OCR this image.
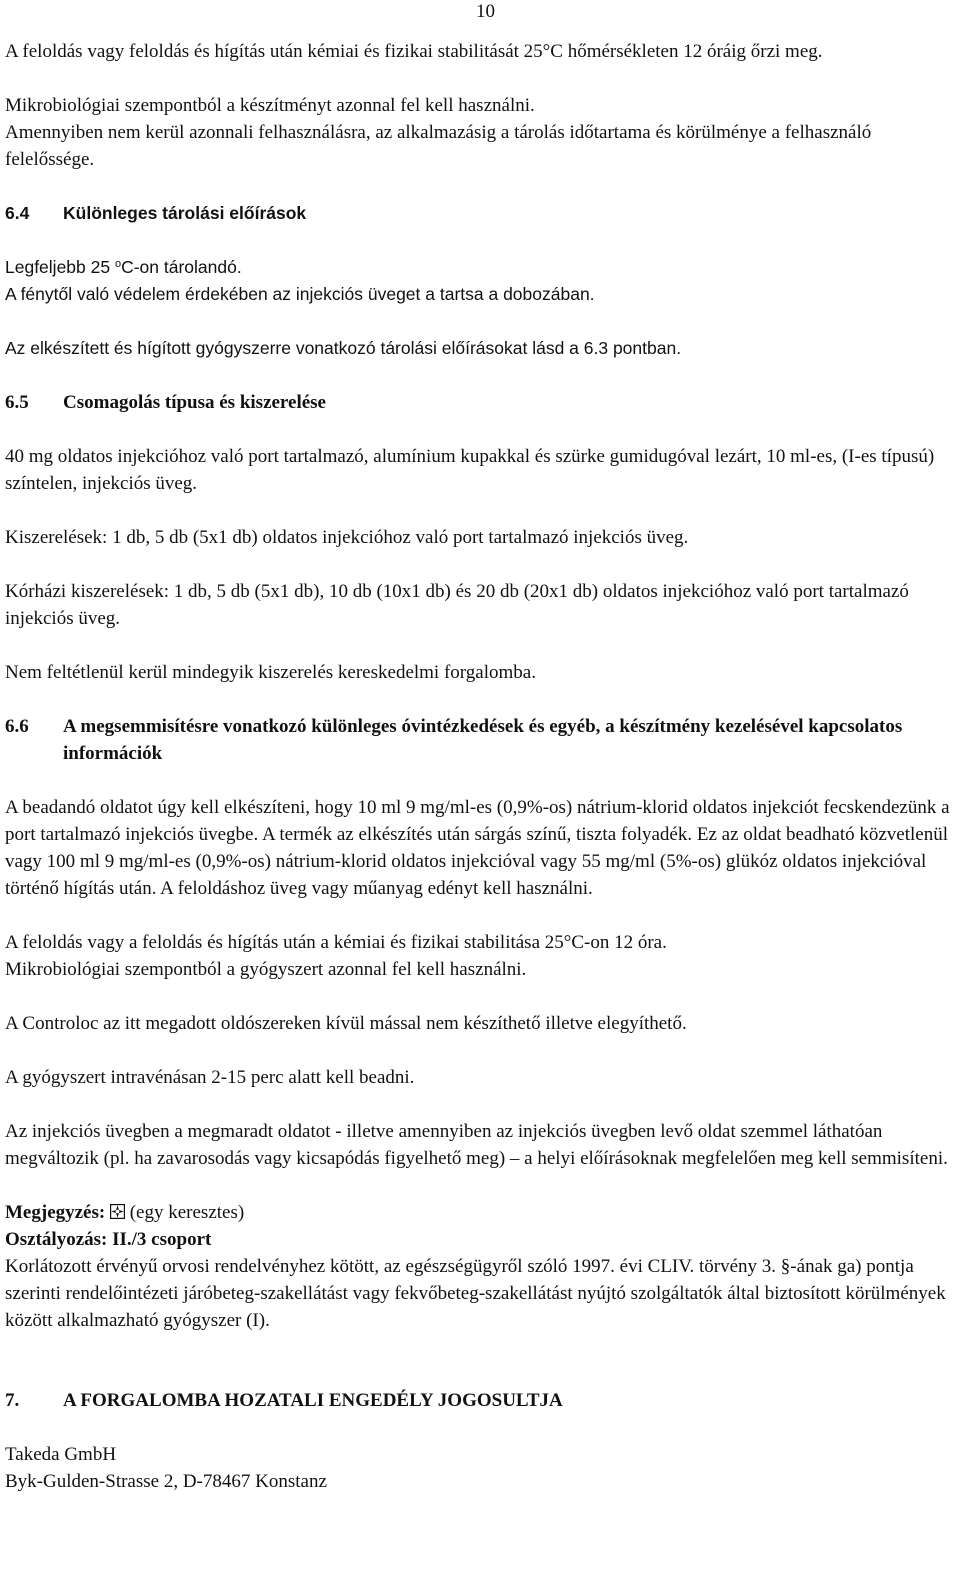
10

A feloldás vagy feloldás és hígítás után kémiai és fizikai stabilitását 25°C hőmérsékleten 12 óráig őrzi meg.

Mikrobiológiai szempontból a készítményt azonnal fel kell használni.

Amennyiben nem kerül azonnali felhasználásra, az alkalmazásig a tárolás időtartama és körülménye a felhasználó felelőssége.

6.4	Különleges tárolási előírások

Legfeljebb 25 $^o$C-on tárolandó.

A fénytől való védelem érdekében az injekciós üveget a tartsa a dobozában.

Az elkészített és hígított gyógyszerre vonatkozó tárolási előírásokat lásd a 6.3 pontban.

6.5	Csomagolás típusa és kiszerelése

40 mg oldatos injekcióhoz való port tartalmazó, alumínium kupakkal és szürke gumidugóval lezárt, 10 ml-es, (I-es típusú) színtelen, injekciós üveg.

Kiszerelések: 1 db, 5 db (5x1 db) oldatos injekcióhoz való port tartalmazó injekciós üveg.

Kórházi kiszerelések: 1 db, 5 db (5x1 db), 10 db (10x1 db) és 20 db (20x1 db) oldatos injekcióhoz való port tartalmazó injekciós üveg.

Nem feltétlenül kerül mindegyik kiszerelés kereskedelmi forgalomba.

6.6	A megsemmisítésre vonatkozó különleges óvintézkedések és egyéb, a készítmény kezelésével kapcsolatos információk

A beadandó oldatot úgy kell elkészíteni, hogy 10 ml 9 mg/ml-es (0,9%-os) nátrium-klorid oldatos injekciót fecskendezünk a port tartalmazó injekciós üvegbe. A termék az elkészítés után sárgás színű, tiszta folyadék. Ez az oldat beadható közvetlenül vagy 100 ml 9 mg/ml-es (0,9%-os) nátrium-klorid oldatos injekcióval vagy 55 mg/ml (5%-os) glükóz oldatos injekcióval történő hígítás után. A feloldáshoz üveg vagy műanyag edényt kell használni.

A feloldás vagy a feloldás és hígítás után a kémiai és fizikai stabilitása 25°C-on 12 óra.

Mikrobiológiai szempontból a gyógyszert azonnal fel kell használni.

A Controloc az itt megadott oldószereken kívül mással nem készíthető illetve elegyíthető.

A gyógyszert intravénásan 2-15 perc alatt kell beadni.

Az injekciós üvegben a megmaradt oldatot - illetve amennyiben az injekciós üvegben levő oldat szemmel láthatóan megváltozik (pl. ha zavarosodás vagy kicsapódás figyelhető meg) – a helyi előírásoknak megfelelően meg kell semmisíteni.

Megjegyzés:  (egy keresztes)

Osztályozás: II./3 csoport

Korlátozott érvényű orvosi rendelvényhez kötött, az egészségügyről szóló 1997. évi CLIV. törvény 3. §-ának ga) pontja szerinti rendelőintézeti járóbeteg-szakellátást vagy fekvőbeteg-szakellátást nyújtó szolgáltatók által biztosított körülmények között alkalmazható gyógyszer (I).

7.	A FORGALOMBA HOZATALI ENGEDÉLY JOGOSULTJA

Takeda GmbH

Byk-Gulden-Strasse 2, D-78467 Konstanz
